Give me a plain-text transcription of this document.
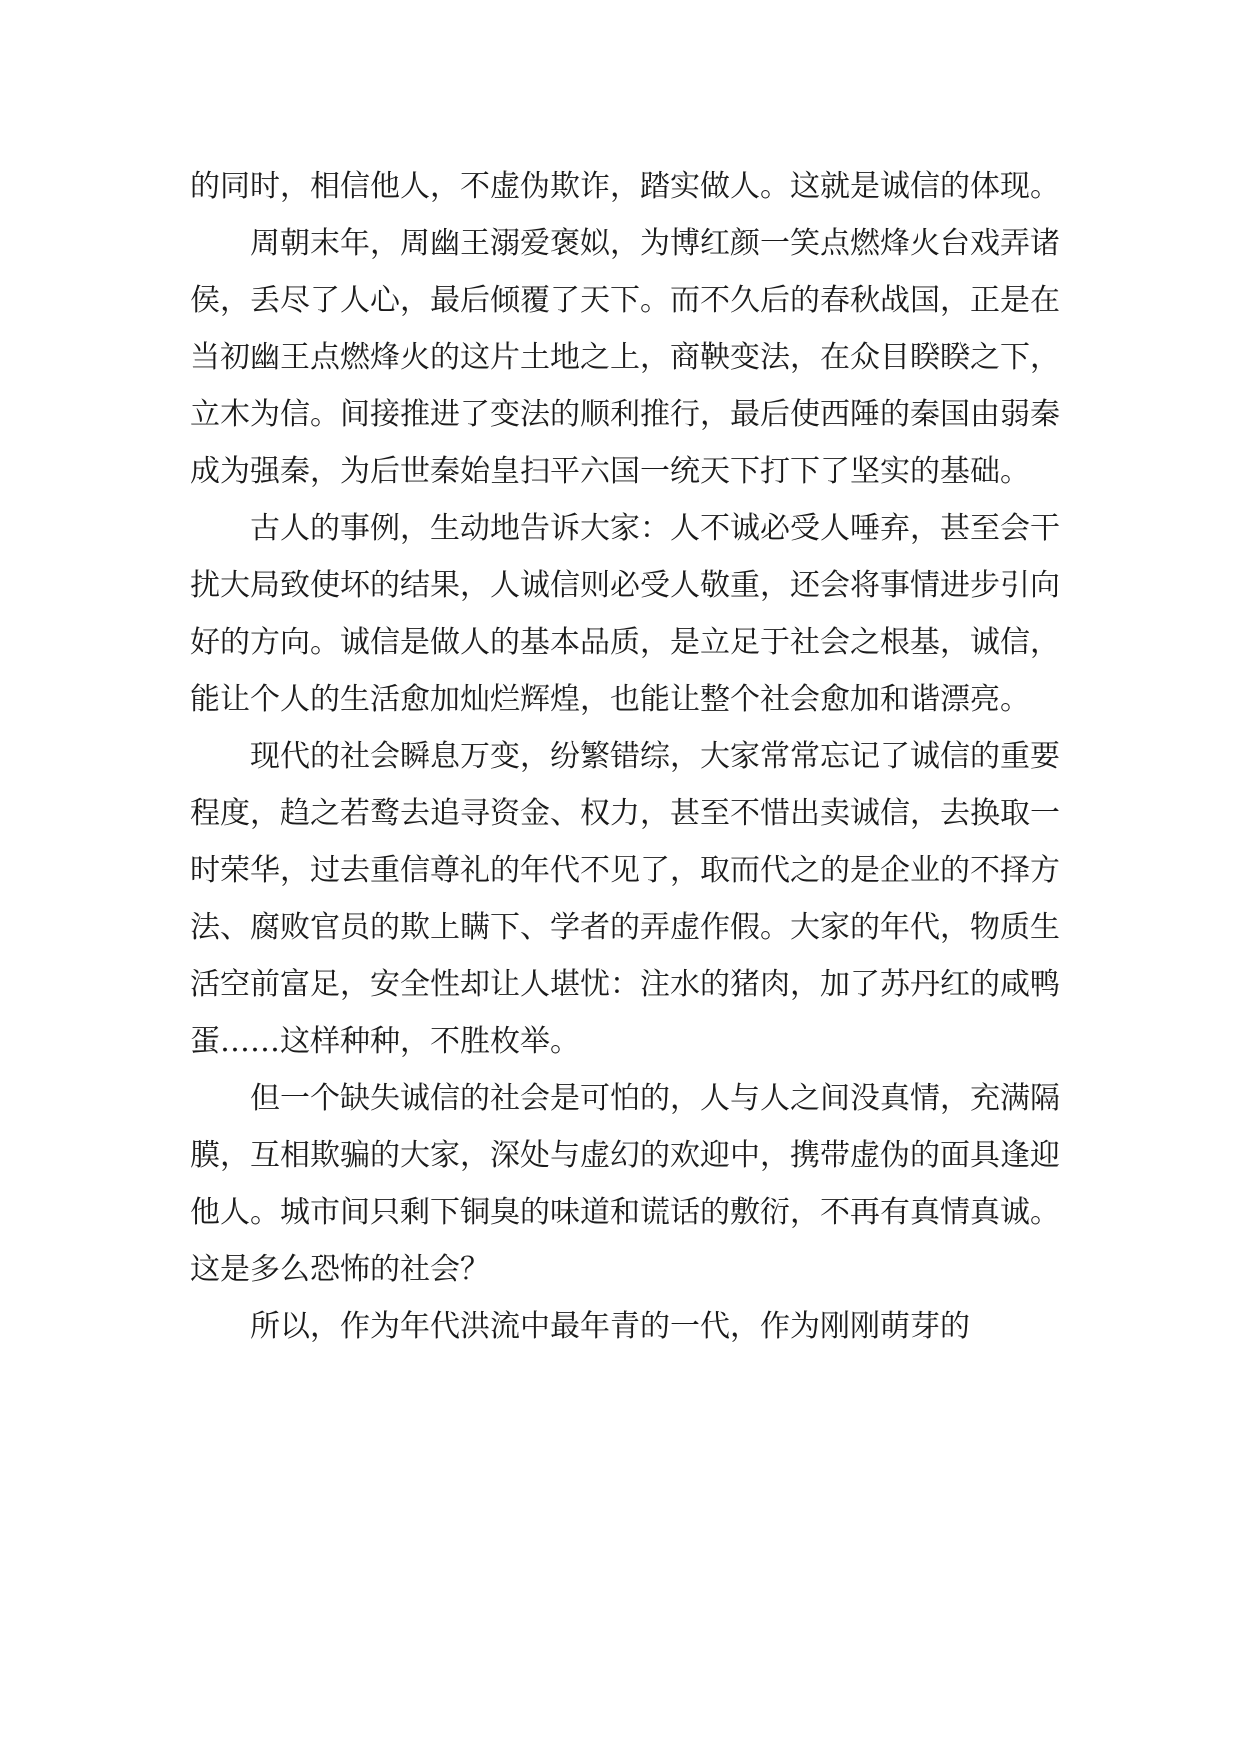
的同时，相信他人，不虚伪欺诈，踏实做人。这就是诚信的体现。

周朝末年，周幽王溺爱褒姒，为博红颜一笑点燃烽火台戏弄诸侯，丢尽了人心，最后倾覆了天下。而不久后的春秋战国，正是在当初幽王点燃烽火的这片土地之上，商鞅变法，在众目睽睽之下，立木为信。间接推进了变法的顺利推行，最后使西陲的秦国由弱秦成为强秦，为后世秦始皇扫平六国一统天下打下了坚实的基础。

古人的事例，生动地告诉大家：人不诚必受人唾弃，甚至会干扰大局致使坏的结果，人诚信则必受人敬重，还会将事情进步引向好的方向。诚信是做人的基本品质，是立足于社会之根基，诚信，能让个人的生活愈加灿烂辉煌，也能让整个社会愈加和谐漂亮。

现代的社会瞬息万变，纷繁错综，大家常常忘记了诚信的重要程度，趋之若鹜去追寻资金、权力，甚至不惜出卖诚信，去换取一时荣华，过去重信尊礼的年代不见了，取而代之的是企业的不择方法、腐败官员的欺上瞒下、学者的弄虚作假。大家的年代，物质生活空前富足，安全性却让人堪忧：注水的猪肉，加了苏丹红的咸鸭蛋……这样种种，不胜枚举。

但一个缺失诚信的社会是可怕的，人与人之间没真情，充满隔膜，互相欺骗的大家，深处与虚幻的欢迎中，携带虚伪的面具逢迎他人。城市间只剩下铜臭的味道和谎话的敷衍，不再有真情真诚。这是多么恐怖的社会？

所以，作为年代洪流中最年青的一代，作为刚刚萌芽的
